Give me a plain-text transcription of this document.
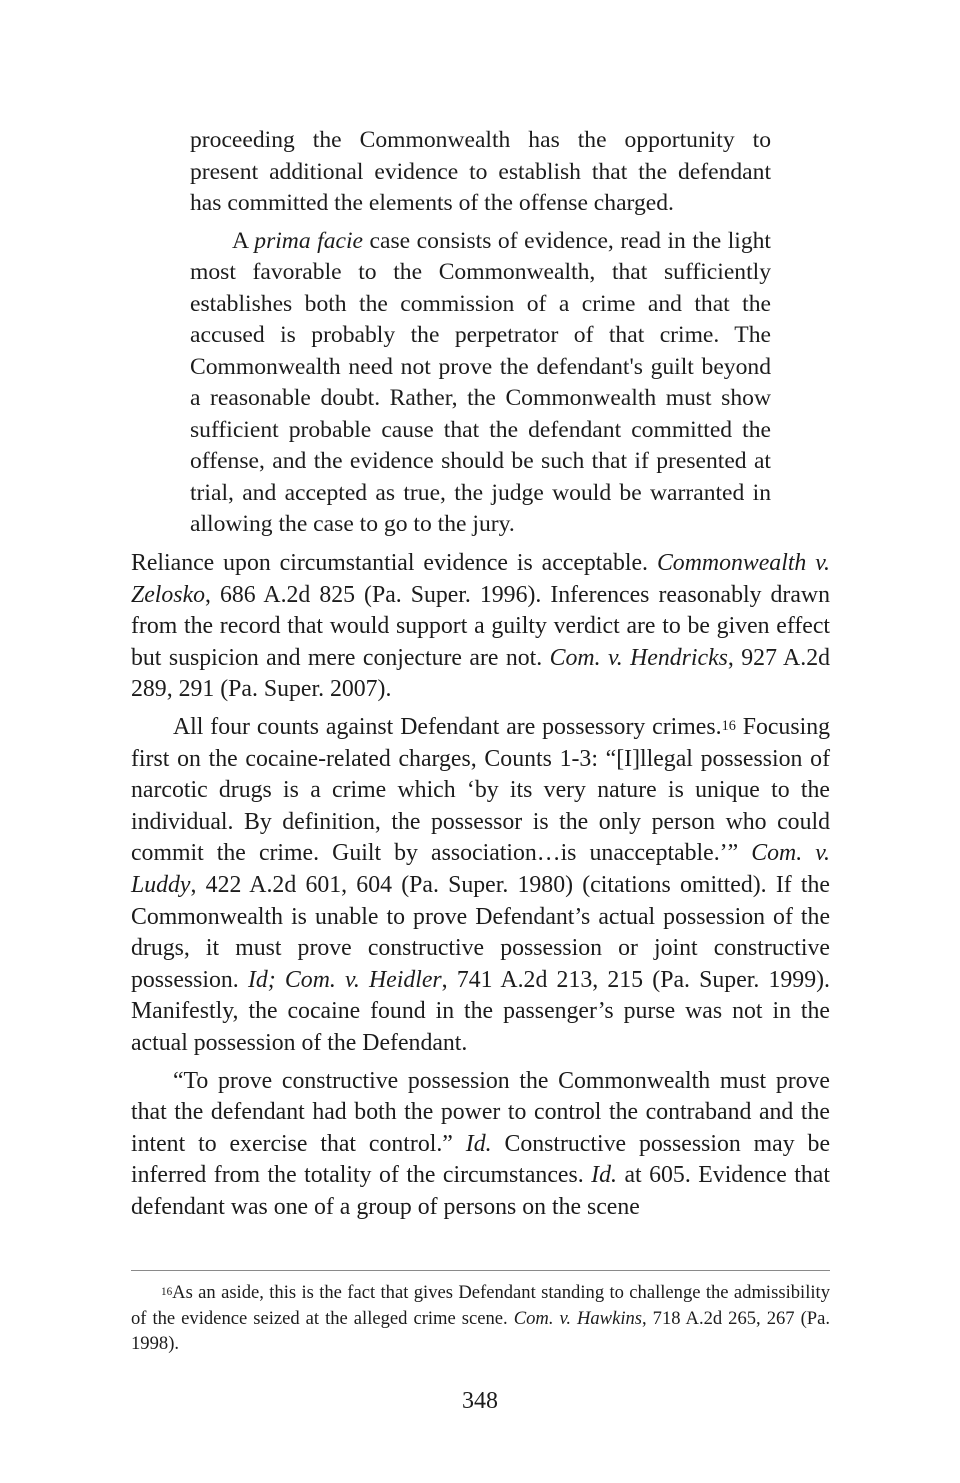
proceeding the Commonwealth has the opportunity to present additional evidence to establish that the defendant has committed the elements of the offense charged.

A prima facie case consists of evidence, read in the light most favorable to the Commonwealth, that sufficiently establishes both the commission of a crime and that the accused is probably the perpetrator of that crime. The Commonwealth need not prove the defendant's guilt beyond a reasonable doubt. Rather, the Commonwealth must show sufficient probable cause that the defendant committed the offense, and the evidence should be such that if presented at trial, and accepted as true, the judge would be warranted in allowing the case to go to the jury.

Reliance upon circumstantial evidence is acceptable. Commonwealth v. Zelosko, 686 A.2d 825 (Pa. Super. 1996). Inferences reasonably drawn from the record that would support a guilty verdict are to be given effect but suspicion and mere conjecture are not. Com. v. Hendricks, 927 A.2d 289, 291 (Pa. Super. 2007).

All four counts against Defendant are possessory crimes.$^{16}$ Focusing first on the cocaine-related charges, Counts 1-3: “[I]llegal possession of narcotic drugs is a crime which ‘by its very nature is unique to the individual. By definition, the possessor is the only person who could commit the crime. Guilt by association…is unacceptable.’” Com. v. Luddy, 422 A.2d 601, 604 (Pa. Super. 1980) (citations omitted). If the Commonwealth is unable to prove Defendant’s actual possession of the drugs, it must prove constructive possession or joint constructive possession. Id; Com. v. Heidler, 741 A.2d 213, 215 (Pa. Super. 1999). Manifestly, the cocaine found in the passenger’s purse was not in the actual possession of the Defendant.

“To prove constructive possession the Commonwealth must prove that the defendant had both the power to control the contraband and the intent to exercise that control.” Id. Constructive possession may be inferred from the totality of the circumstances. Id. at 605. Evidence that defendant was one of a group of persons on the scene

$^{16}$As an aside, this is the fact that gives Defendant standing to challenge the admissibility of the evidence seized at the alleged crime scene. Com. v. Hawkins, 718 A.2d 265, 267 (Pa. 1998).

348
